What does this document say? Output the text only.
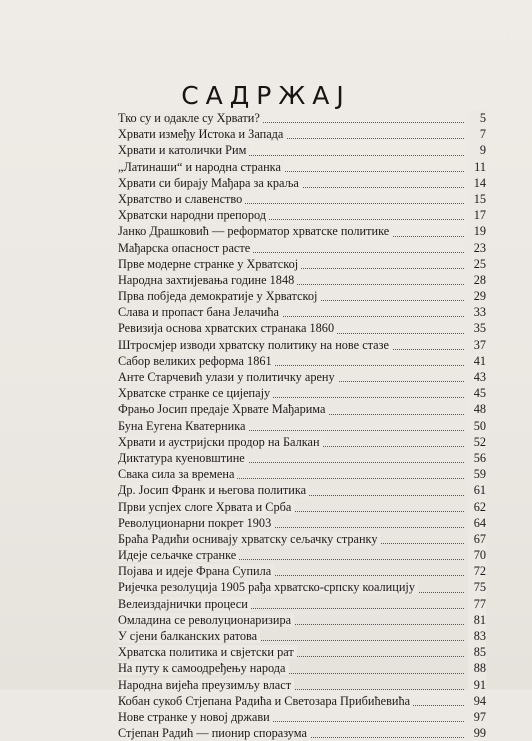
САДРЖАЈ
Тко су и одакле су Хрвати?	5
Хрвати између Истока и Запада	7
Хрвати и католички Рим	9
„Латинаши“ и народна странка	11
Хрвати си бирају Мађара за краља	14
Хрватство и славенство	15
Хрватски народни препород	17
Јанко Драшковић — реформатор хрватске политике	19
Мађарска опасност расте	23
Прве модерне странке у Хрватској	25
Народна захтијевања године 1848	28
Прва побједа демократије у Хрватској	29
Слава и пропаст бана Јелачића	33
Ревизија основа хрватских странака 1860	35
Штросмјер изводи хрватску политику на нове стазе	37
Сабор великих реформа 1861	41
Анте Старчевић улази у политичку арену	43
Хрватске странке се цијепају	45
Фрањо Јосип предаје Хрвате Мађарима	48
Буна Еугена Кватерника	50
Хрвати и аустријски продор на Балкан	52
Диктатура куеновштине	56
Свака сила за времена	59
Др. Јосип Франк и његова политика	61
Први успјех слоге Хрвата и Срба	62
Револуционарни покрет 1903	64
Браћа Радићи оснивају хрватску сељачку странку	67
Идеје сељачке странке	70
Појава и идеје Франа Супила	72
Ријечка резолуција 1905 рађа хрватско-српску коалицију	75
Велеиздајнички процеси	77
Омладина се револуционаризира	81
У сјени балканских ратова	83
Хрватска политика и свјетски рат	85
На путу к самоодређењу народа	88
Народна вијећа преузимљу власт	91
Кобан сукоб Стјепана Радића и Светозара Прибићевића	94
Нове странке у новој држави	97
Стјепан Радић — пионир споразума	99
